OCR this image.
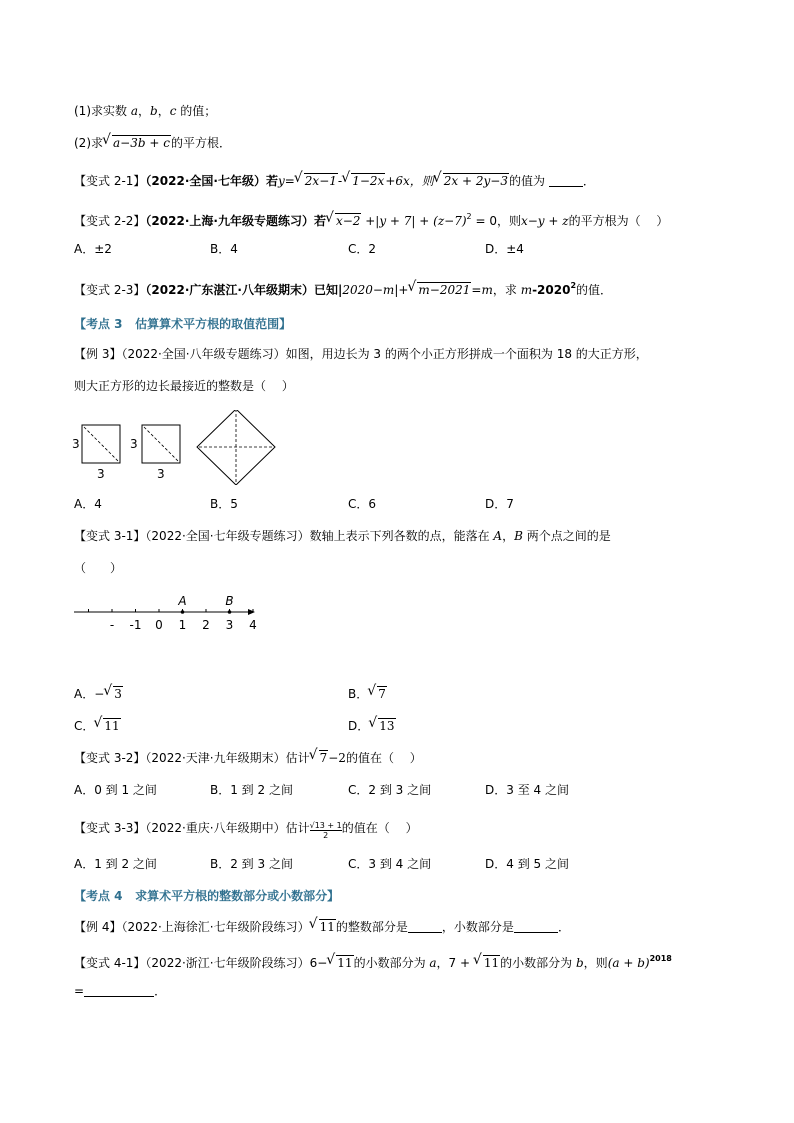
(1)求实数 a，b，c 的值；
(2)求 √ a−3b + c的平方根．
【变式 2-1】（2022·全国·七年级）若y= √ 2x−1- √ 1−2x+6x，则 √ 2x + 2y−3的值为	．
【变式 2-2】（2022·上海·九年级专题练习）若 √ $x-2 +|y + 7| + (z-7)^2 = 0$，则x−y + z的平方根为（　 ）
A．±2	B．4	C．2	D．±4
【变式 2-3】（2022·广东湛江·八年级期末）已知|2020−m|+ √ m−2021=m，求 m-2020$^2$的值．
【考点 3 估算算术平方根的取值范围】
【例 3】（2022·全国·八年级专题练习）如图，用边长为 3 的两个小正方形拼成一个面积为 18 的大正方形，
则大正方形的边长最接近的整数是（　 ）
3
3
3
3
A．4	B．5	C．6	D．7
【变式 3-1】（2022·全国·七年级专题练习）数轴上表示下列各数的点，能落在 A，B 两个点之间的是
（　　）
- -1 0 1 2 3 4
A	B
A．− √ 3	B． √ 7
C． √ 11	D． √ 13
【变式 3-2】（2022·天津·九年级期末）估计 √ 7−2的值在（　 ）
A．0 到 1 之间	B．1 到 2 之间	C．2 到 3 之间	D．3 至 4 之间
【变式 3-3】（2022·重庆·八年级期中）估计 $\frac{√13 + 1}{2}$ 的值在（　 ）
A．1 到 2 之间	B．2 到 3 之间	C．3 到 4 之间	D．4 到 5 之间
【考点 4 求算术平方根的整数部分或小数部分】
【例 4】（2022·上海徐汇·七年级阶段练习） √ 11的整数部分是	，小数部分是	．
【变式 4-1】（2022·浙江·七年级阶段练习）6− √ 11的小数部分为 a，7 + √ 11的小数部分为 b，则$(a + b)^{2018}$
=	．
